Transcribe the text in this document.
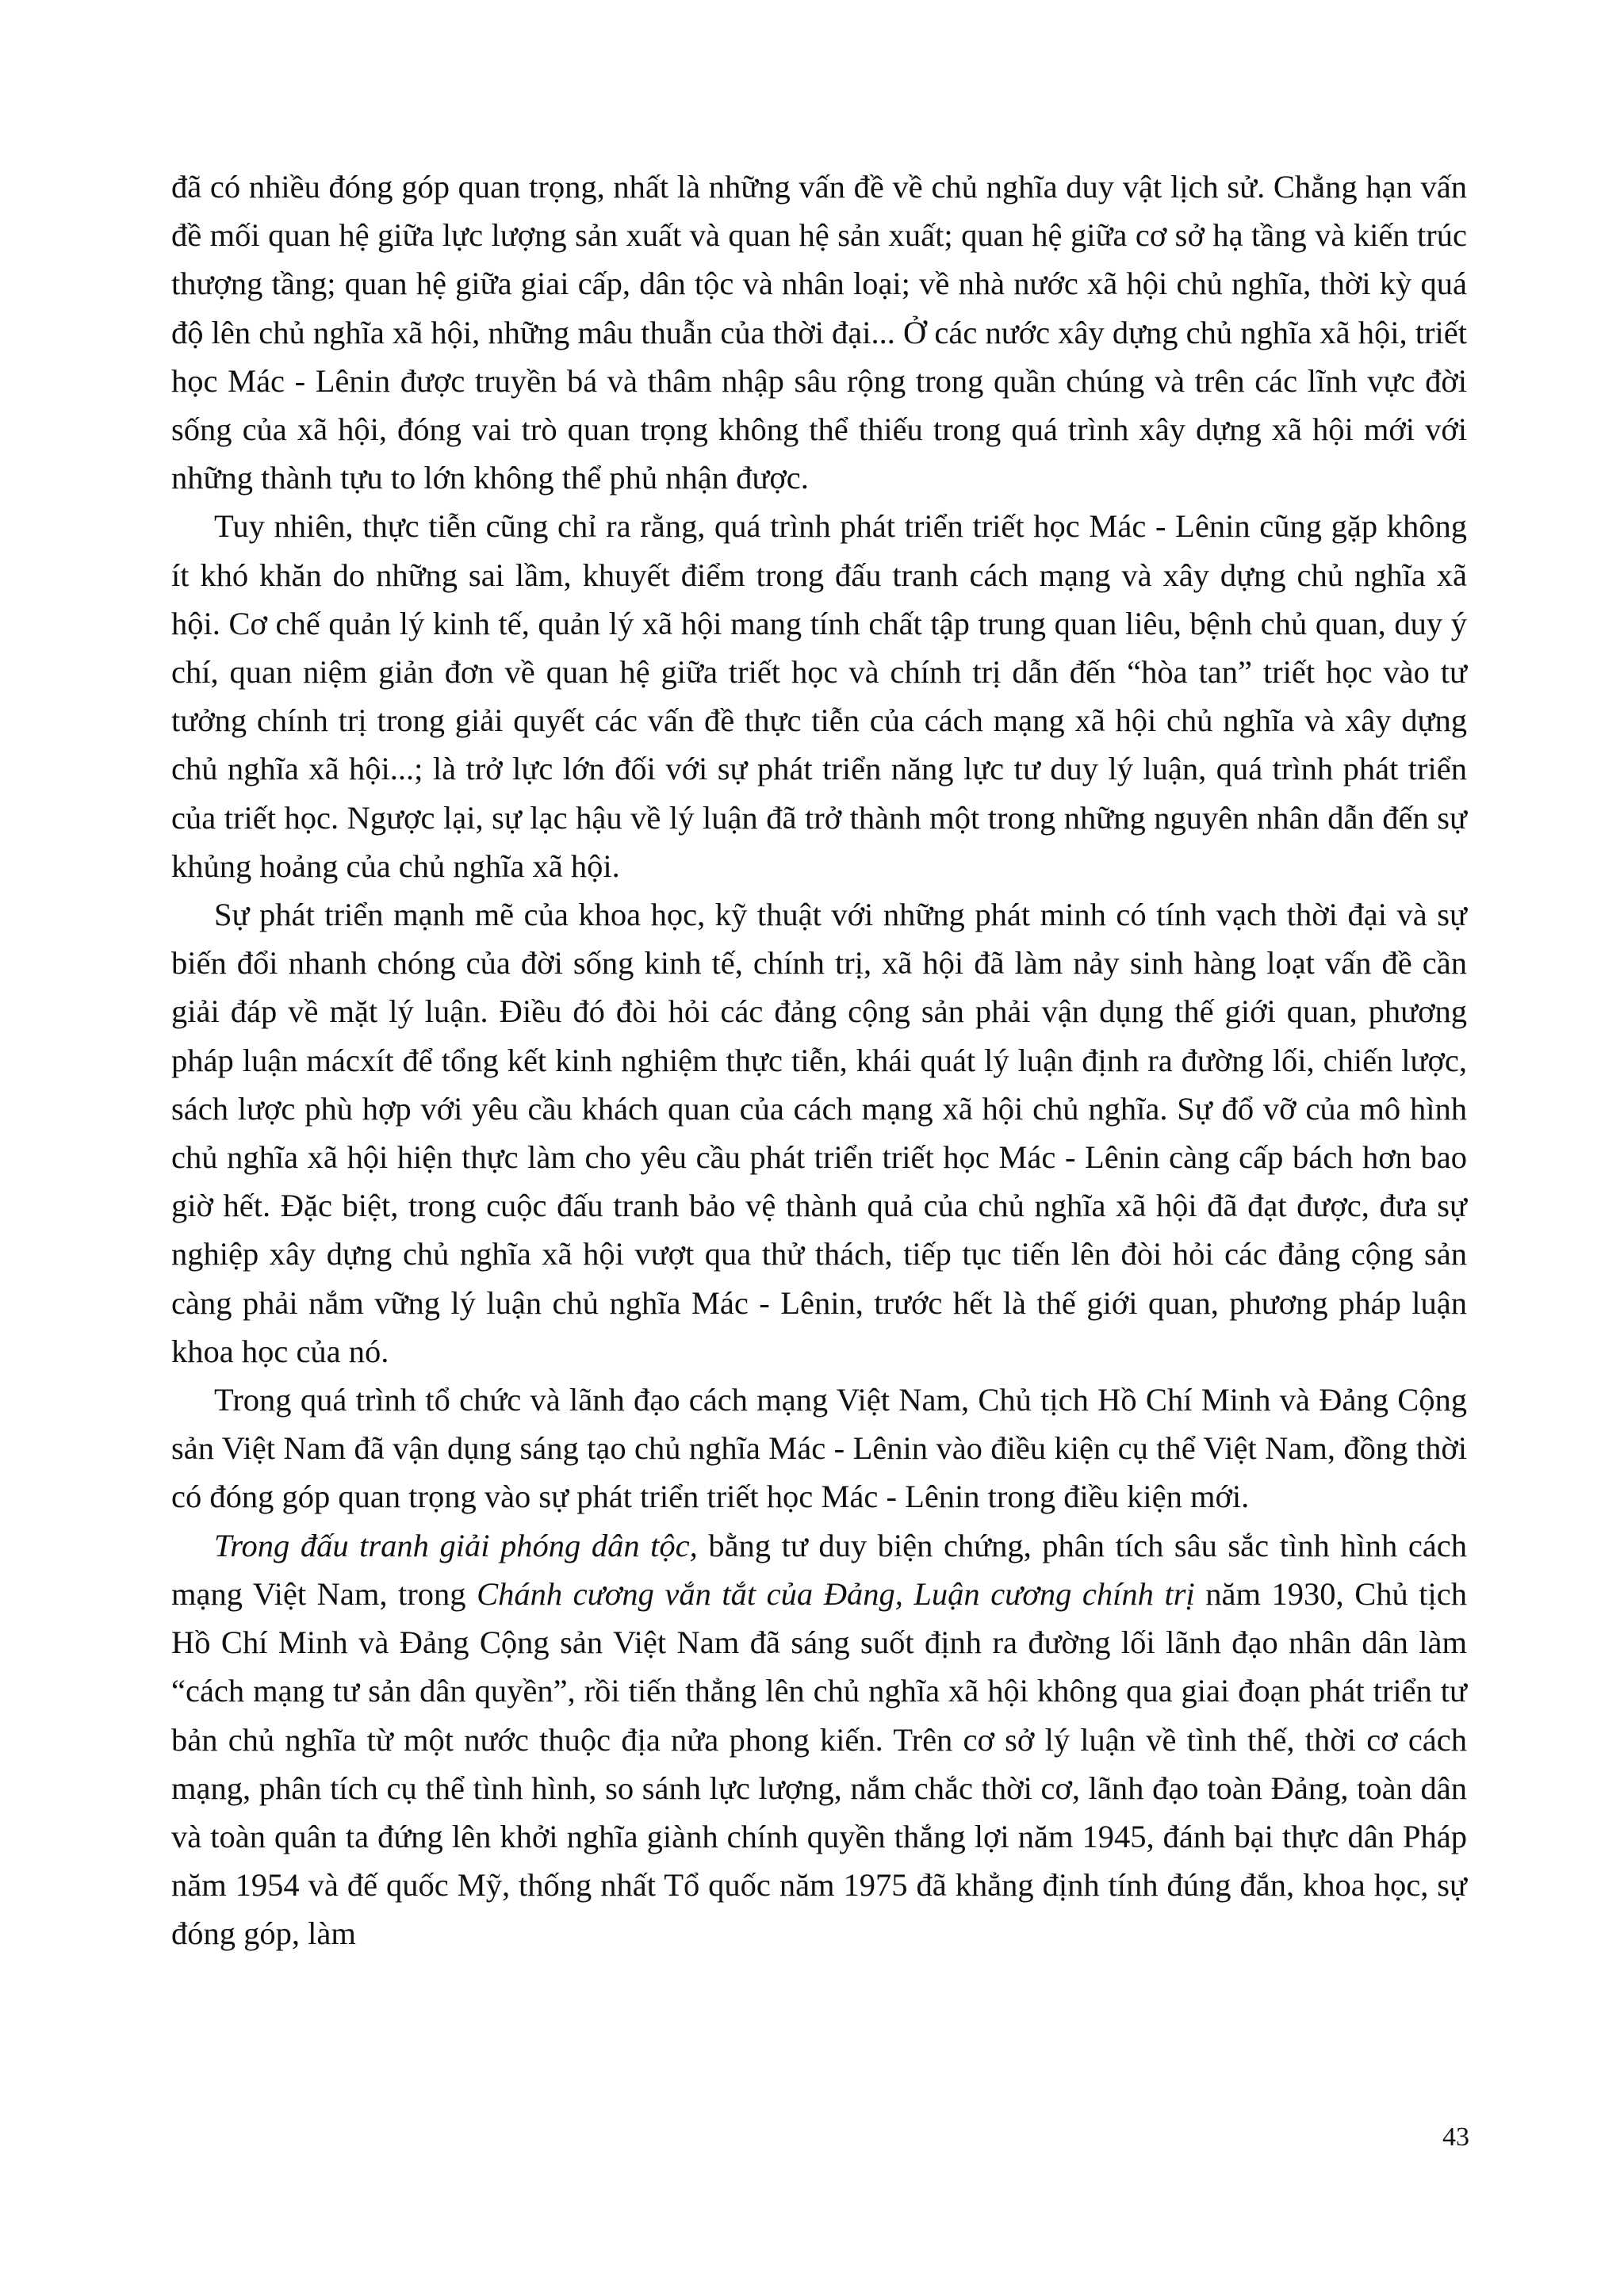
đã có nhiều đóng góp quan trọng, nhất là những vấn đề về chủ nghĩa duy vật lịch sử. Chẳng hạn vấn đề mối quan hệ giữa lực lượng sản xuất và quan hệ sản xuất; quan hệ giữa cơ sở hạ tầng và kiến trúc thượng tầng; quan hệ giữa giai cấp, dân tộc và nhân loại; về nhà nước xã hội chủ nghĩa, thời kỳ quá độ lên chủ nghĩa xã hội, những mâu thuẫn của thời đại... Ở các nước xây dựng chủ nghĩa xã hội, triết học Mác - Lênin được truyền bá và thâm nhập sâu rộng trong quần chúng và trên các lĩnh vực đời sống của xã hội, đóng vai trò quan trọng không thể thiếu trong quá trình xây dựng xã hội mới với những thành tựu to lớn không thể phủ nhận được.

Tuy nhiên, thực tiễn cũng chỉ ra rằng, quá trình phát triển triết học Mác - Lênin cũng gặp không ít khó khăn do những sai lầm, khuyết điểm trong đấu tranh cách mạng và xây dựng chủ nghĩa xã hội. Cơ chế quản lý kinh tế, quản lý xã hội mang tính chất tập trung quan liêu, bệnh chủ quan, duy ý chí, quan niệm giản đơn về quan hệ giữa triết học và chính trị dẫn đến “hòa tan” triết học vào tư tưởng chính trị trong giải quyết các vấn đề thực tiễn của cách mạng xã hội chủ nghĩa và xây dựng chủ nghĩa xã hội...; là trở lực lớn đối với sự phát triển năng lực tư duy lý luận, quá trình phát triển của triết học. Ngược lại, sự lạc hậu về lý luận đã trở thành một trong những nguyên nhân dẫn đến sự khủng hoảng của chủ nghĩa xã hội.

Sự phát triển mạnh mẽ của khoa học, kỹ thuật với những phát minh có tính vạch thời đại và sự biến đổi nhanh chóng của đời sống kinh tế, chính trị, xã hội đã làm nảy sinh hàng loạt vấn đề cần giải đáp về mặt lý luận. Điều đó đòi hỏi các đảng cộng sản phải vận dụng thế giới quan, phương pháp luận mácxít để tổng kết kinh nghiệm thực tiễn, khái quát lý luận định ra đường lối, chiến lược, sách lược phù hợp với yêu cầu khách quan của cách mạng xã hội chủ nghĩa. Sự đổ vỡ của mô hình chủ nghĩa xã hội hiện thực làm cho yêu cầu phát triển triết học Mác - Lênin càng cấp bách hơn bao giờ hết. Đặc biệt, trong cuộc đấu tranh bảo vệ thành quả của chủ nghĩa xã hội đã đạt được, đưa sự nghiệp xây dựng chủ nghĩa xã hội vượt qua thử thách, tiếp tục tiến lên đòi hỏi các đảng cộng sản càng phải nắm vững lý luận chủ nghĩa Mác - Lênin, trước hết là thế giới quan, phương pháp luận khoa học của nó.

Trong quá trình tổ chức và lãnh đạo cách mạng Việt Nam, Chủ tịch Hồ Chí Minh và Đảng Cộng sản Việt Nam đã vận dụng sáng tạo chủ nghĩa Mác - Lênin vào điều kiện cụ thể Việt Nam, đồng thời có đóng góp quan trọng vào sự phát triển triết học Mác - Lênin trong điều kiện mới.

Trong đấu tranh giải phóng dân tộc, bằng tư duy biện chứng, phân tích sâu sắc tình hình cách mạng Việt Nam, trong Chánh cương vắn tắt của Đảng, Luận cương chính trị năm 1930, Chủ tịch Hồ Chí Minh và Đảng Cộng sản Việt Nam đã sáng suốt định ra đường lối lãnh đạo nhân dân làm “cách mạng tư sản dân quyền”, rồi tiến thẳng lên chủ nghĩa xã hội không qua giai đoạn phát triển tư bản chủ nghĩa từ một nước thuộc địa nửa phong kiến. Trên cơ sở lý luận về tình thế, thời cơ cách mạng, phân tích cụ thể tình hình, so sánh lực lượng, nắm chắc thời cơ, lãnh đạo toàn Đảng, toàn dân và toàn quân ta đứng lên khởi nghĩa giành chính quyền thắng lợi năm 1945, đánh bại thực dân Pháp năm 1954 và đế quốc Mỹ, thống nhất Tổ quốc năm 1975 đã khẳng định tính đúng đắn, khoa học, sự đóng góp, làm

43
